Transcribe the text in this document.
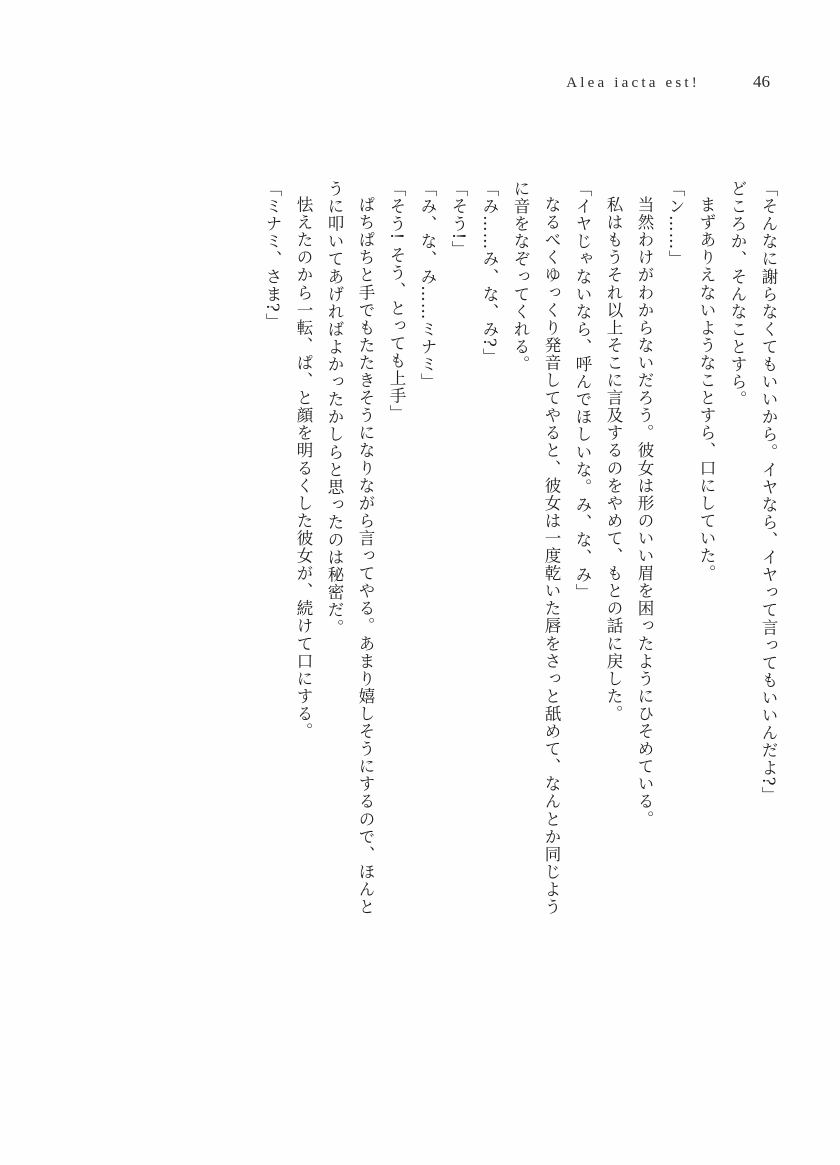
Alea iacta est!	46
「そんなに謝らなくてもいいから。イヤなら、イヤって言ってもいいんだよ?」
どころか、そんなことすら。
まずありえないようなことすら、口にしていた。
「ン……」
当然わけがわからないだろう。彼女は形のいい眉を困ったようにひそめている。
私はもうそれ以上そこに言及するのをやめて、もとの話に戻した。
「イヤじゃないなら、呼んでほしいな。み、な、み」
なるべくゆっくり発音してやると、彼女は一度乾いた唇をさっと舐めて、なんとか同じよう
に音をなぞってくれる。
「み……み、な、み?」
「そう!」
「み、な、み……ミナミ」
「そう! そう、とっても上手」
ぱちぱちと手でもたたきそうになりながら言ってやる。あまり嬉しそうにするので、ほんと
うに叩いてあげればよかったかしらと思ったのは秘密だ。
怯えたのから一転、ぱ、と顔を明るくした彼女が、続けて口にする。
「ミナミ、さま?」
